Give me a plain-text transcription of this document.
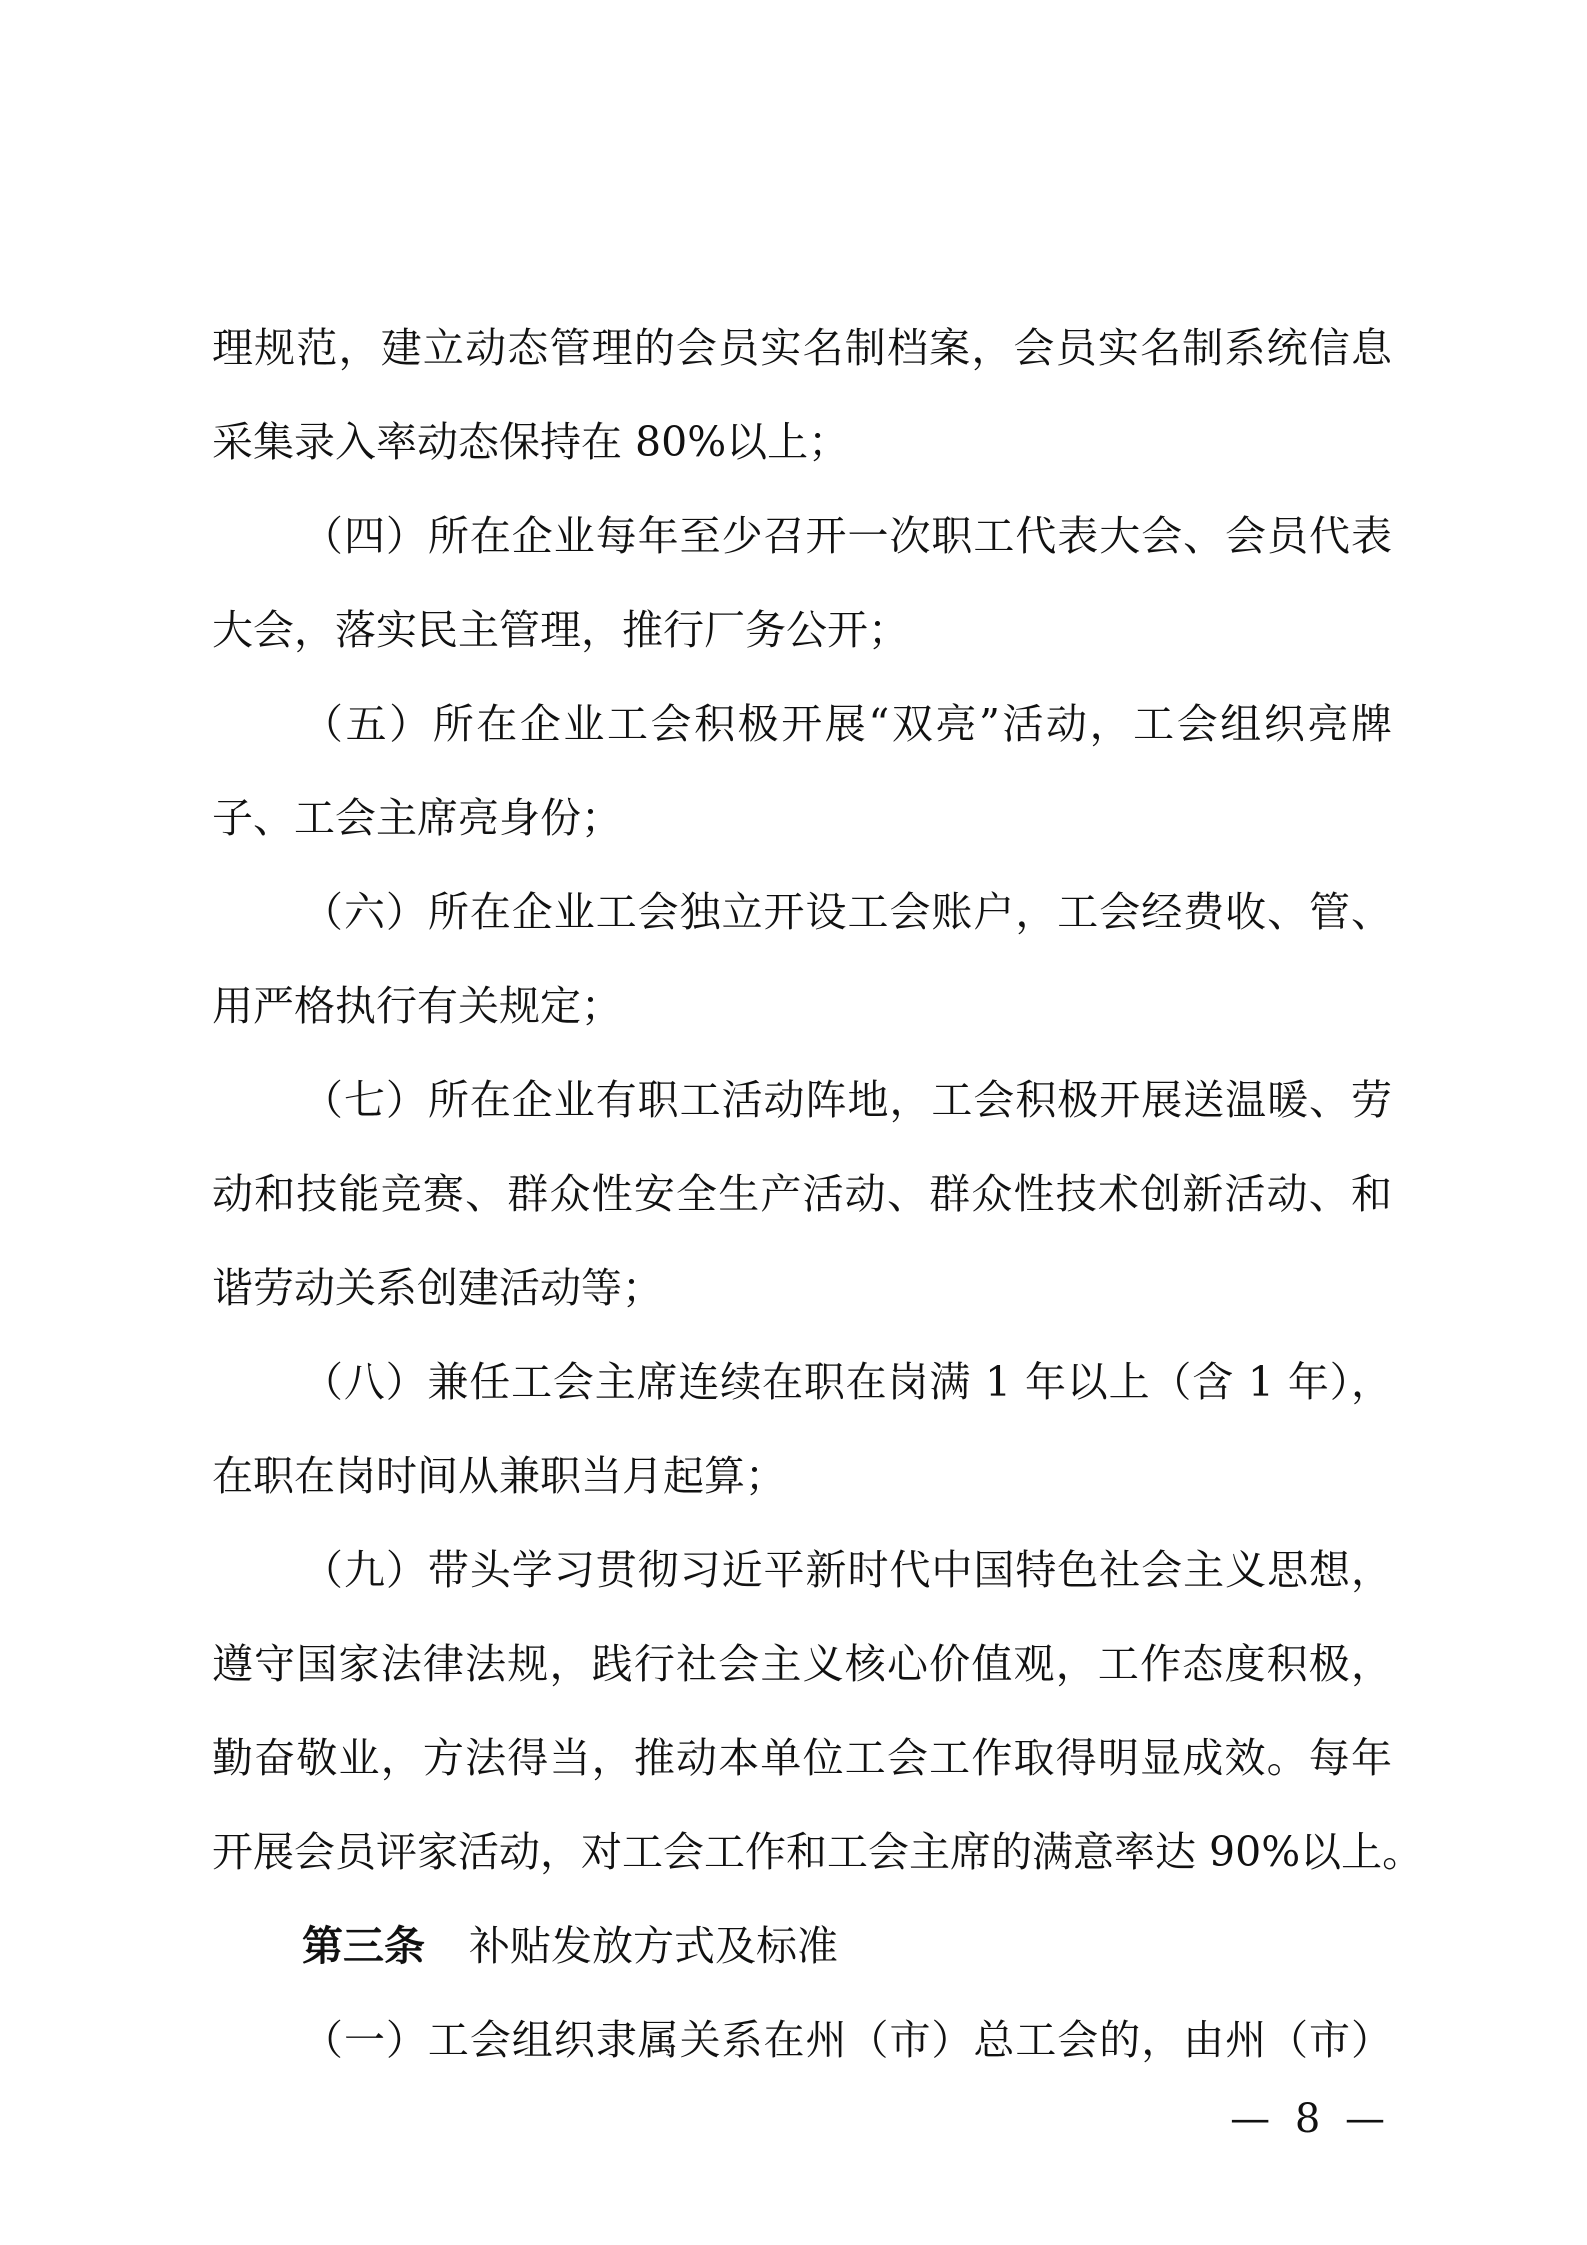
理规范，建立动态管理的会员实名制档案，会员实名制系统信息
采集录入率动态保持在 80%以上；
（四）所在企业每年至少召开一次职工代表大会、会员代表
大会，落实民主管理，推行厂务公开；
（五）所在企业工会积极开展“双亮”活动，工会组织亮牌
子、工会主席亮身份；
（六）所在企业工会独立开设工会账户，工会经费收、管、
用严格执行有关规定；
（七）所在企业有职工活动阵地，工会积极开展送温暖、劳
动和技能竞赛、群众性安全生产活动、群众性技术创新活动、和
谐劳动关系创建活动等；
（八）兼任工会主席连续在职在岗满 1 年以上（含 1 年），
在职在岗时间从兼职当月起算；
（九）带头学习贯彻习近平新时代中国特色社会主义思想，
遵守国家法律法规，践行社会主义核心价值观，工作态度积极，
勤奋敬业，方法得当，推动本单位工会工作取得明显成效。每年
开展会员评家活动，对工会工作和工会主席的满意率达 90%以上。
第三条 补贴发放方式及标准
（一）工会组织隶属关系在州（市）总工会的，由州（市）
— 8 —
